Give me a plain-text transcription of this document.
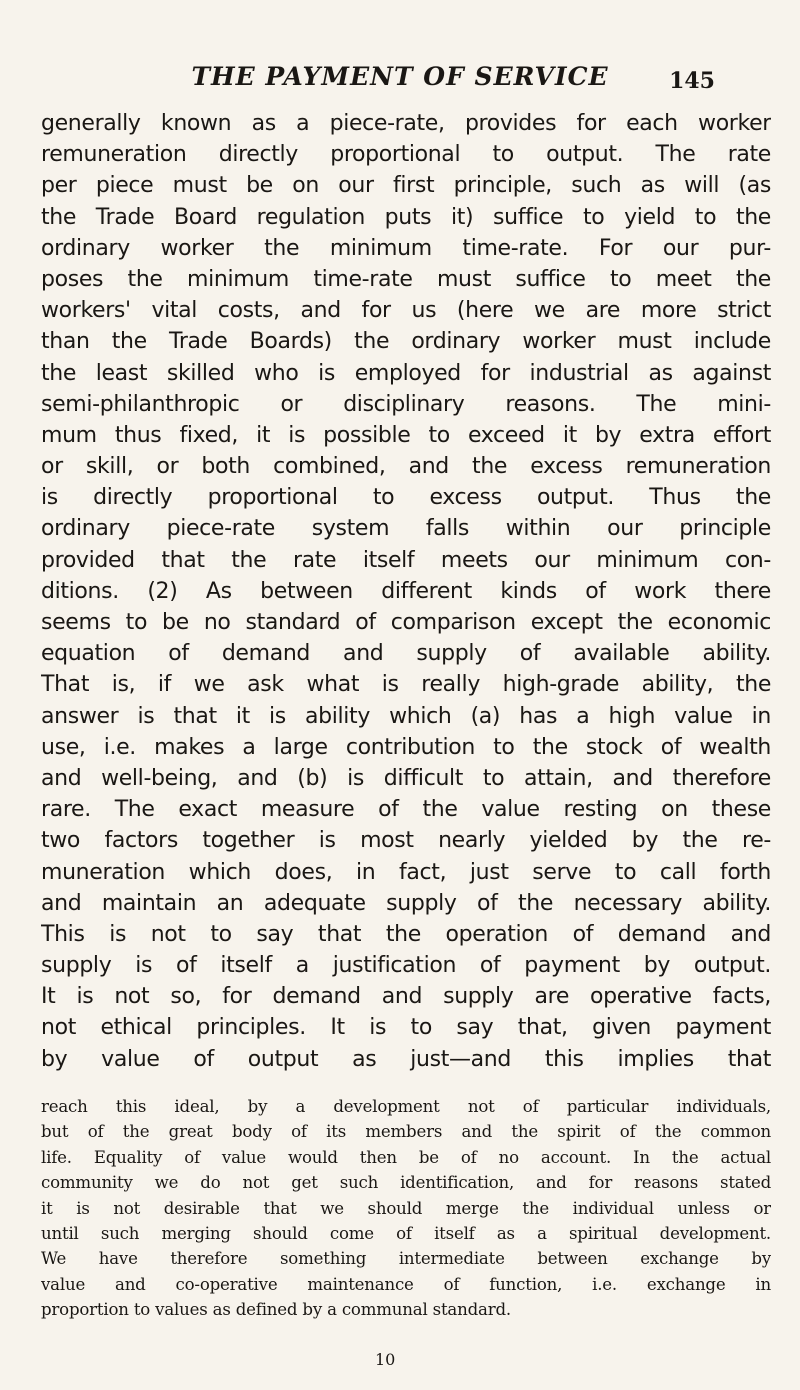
THE PAYMENT OF SERVICE	145
generally known as a piece-rate, provides for each worker
remuneration directly proportional to output. The rate
per piece must be on our first principle, such as will (as
the Trade Board regulation puts it) suffice to yield to the
ordinary worker the minimum time-rate. For our pur-
poses the minimum time-rate must suffice to meet the
workers' vital costs, and for us (here we are more strict
than the Trade Boards) the ordinary worker must include
the least skilled who is employed for industrial as against
semi-philanthropic or disciplinary reasons. The mini-
mum thus fixed, it is possible to exceed it by extra effort
or skill, or both combined, and the excess remuneration
is directly proportional to excess output. Thus the
ordinary piece-rate system falls within our principle
provided that the rate itself meets our minimum con-
ditions. (2) As between different kinds of work there
seems to be no standard of comparison except the economic
equation of demand and supply of available ability.
That is, if we ask what is really high-grade ability, the
answer is that it is ability which (a) has a high value in
use, i.e. makes a large contribution to the stock of wealth
and well-being, and (b) is difficult to attain, and therefore
rare. The exact measure of the value resting on these
two factors together is most nearly yielded by the re-
muneration which does, in fact, just serve to call forth
and maintain an adequate supply of the necessary ability.
This is not to say that the operation of demand and
supply is of itself a justification of payment by output.
It is not so, for demand and supply are operative facts,
not ethical principles. It is to say that, given payment
by value of output as just—and this implies that
reach this ideal, by a development not of particular individuals,
but of the great body of its members and the spirit of the common
life. Equality of value would then be of no account. In the actual
community we do not get such identification, and for reasons stated
it is not desirable that we should merge the individual unless or
until such merging should come of itself as a spiritual development.
We have therefore something intermediate between exchange by
value and co-operative maintenance of function, i.e. exchange in
proportion to values as defined by a communal standard.
10
